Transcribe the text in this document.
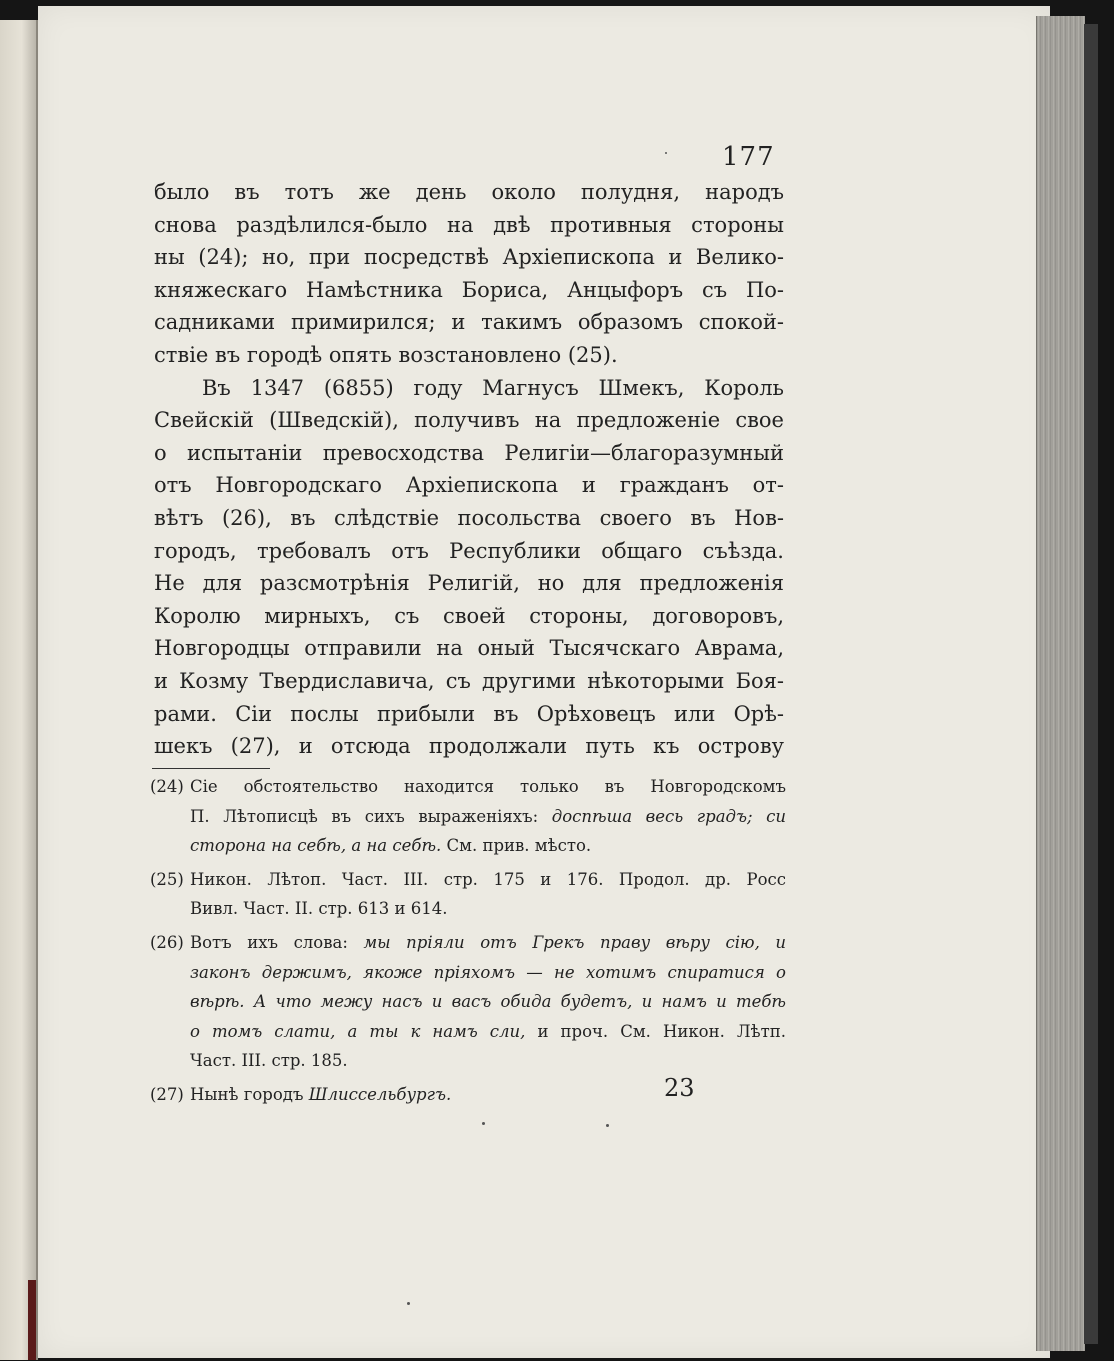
177
было въ тотъ же день около полудня, народъ
снова раздѣлился-было на двѣ противныя стороны
ны (24); но, при посредствѣ Архіепископа и Велико-
княжескаго Намѣстника Бориса, Анцыфоръ съ По-
садниками примирился; и такимъ образомъ спокой-
ствіе въ городѣ опять возстановлено (25).
Въ 1347 (6855) году Магнусъ Шмекъ, Король
Свейскій (Шведскій), получивъ на предложеніе свое
о испытаніи превосходства Религіи—благоразумный
отъ Новгородскаго Архіепископа и гражданъ от-
вѣтъ (26), въ слѣдствіе посольства своего въ Нов-
городъ, требовалъ отъ Республики общаго съѣзда.
Не для разсмотрѣнія Религій, но для предложенія
Королю мирныхъ, съ своей стороны, договоровъ,
Новгородцы отправили на оный Тысячскаго Аврама,
и Козму Твердиславича, съ другими нѣкоторыми Боя-
рами. Сіи послы прибыли въ Орѣховецъ или Орѣ-
шекъ (27), и отсюда продолжали путь къ острову
(24) Сіе обстоятельство находится только въ Новгородскомъ
П. Лѣтописцѣ въ сихъ выраженіяхъ: доспѣша весь градъ; си
сторона на себѣ, а на себѣ. См. прив. мѣсто.
(25) Никон. Лѣтоп. Част. III. стр. 175 и 176. Продол. др. Росс
Вивл. Част. II. стр. 613 и 614.
(26) Вотъ ихъ слова: мы пріяли отъ Грекъ праву вѣру сію, и
законъ держимъ, якоже пріяхомъ — не хотимъ спиратися о
вѣрѣ. А что межу насъ и васъ обида будетъ, и намъ и тебѣ
о томъ слати, а ты к намъ сли, и проч. См. Никон. Лѣтп.
Част. III. стр. 185.
(27) Нынѣ городъ Шлиссельбургъ.	23
